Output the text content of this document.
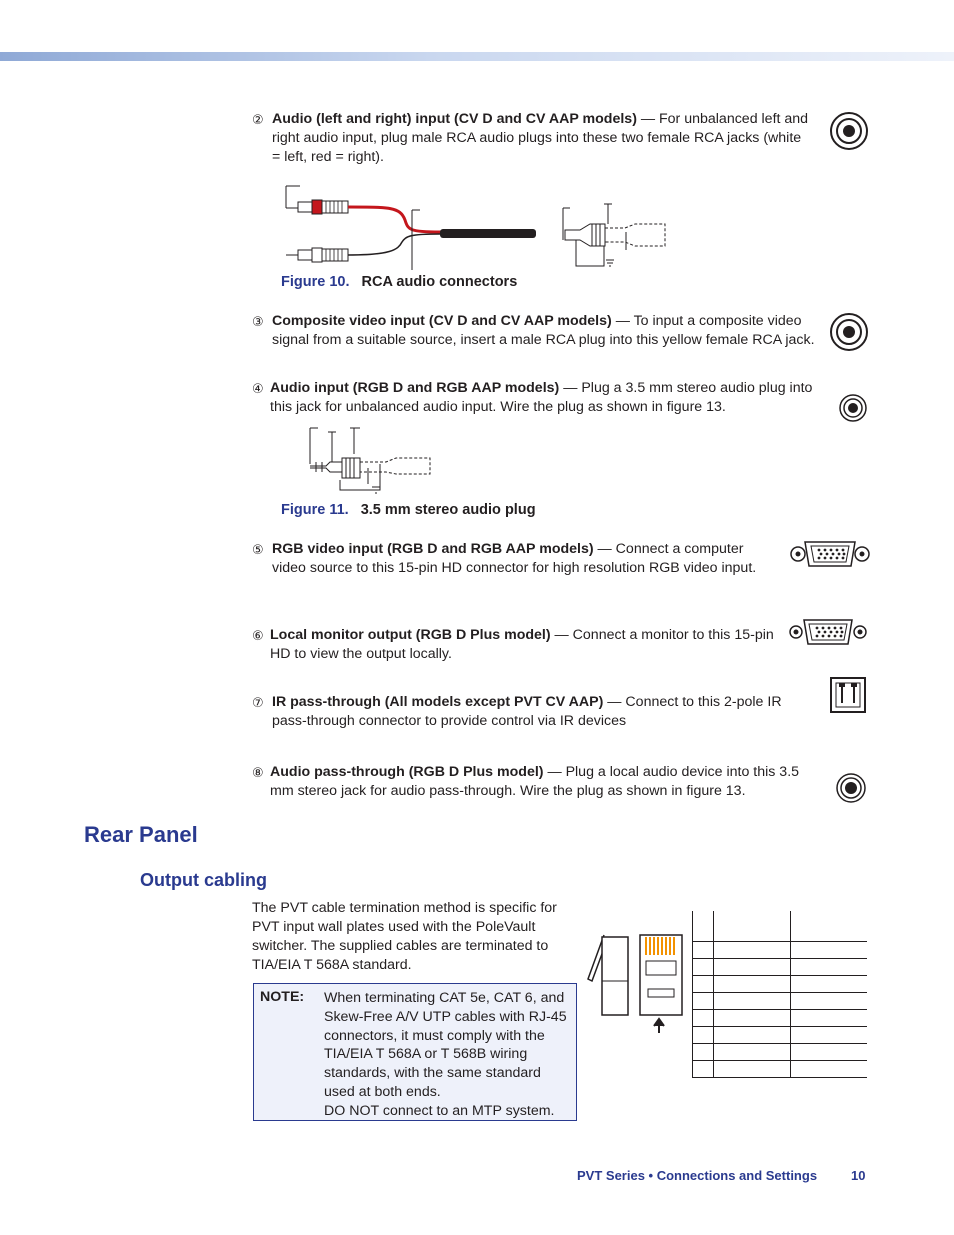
② Audio (left and right) input (CV D and CV AAP models) — For unbalanced left and right audio input, plug male RCA audio plugs into these two female RCA jacks (white = left, red = right).
Figure 10. RCA audio connectors
③ Composite video input (CV D and CV AAP models) — To input a composite video signal from a suitable source, insert a male RCA plug into this yellow female RCA jack.
④ Audio input (RGB D and RGB AAP models) — Plug a 3.5 mm stereo audio plug into this jack for unbalanced audio input. Wire the plug as shown in figure 13.
Figure 11. 3.5 mm stereo audio plug
⑤ RGB video input (RGB D and RGB AAP models) — Connect a computer video source to this 15-pin HD connector for high resolution RGB video input.
⑥ Local monitor output (RGB D Plus model) — Connect a monitor to this 15-pin HD to view the output locally.
⑦ IR pass-through (All models except PVT CV AAP) — Connect to this 2-pole IR pass-through connector to provide control via IR devices
⑧ Audio pass-through (RGB D Plus model) — Plug a local audio device into this 3.5 mm stereo jack for audio pass-through. Wire the plug as shown in figure 13.
Rear Panel
Output cabling
The PVT cable termination method is specific for PVT input wall plates used with the PoleVault switcher. The supplied cables are terminated to TIA/EIA T 568A standard.
NOTE: When terminating CAT 5e, CAT 6, and Skew-Free A/V UTP cables with RJ-45 connectors, it must comply with the TIA/EIA T 568A or T 568B wiring standards, with the same standard used at both ends.
DO NOT connect to an MTP system.

PVT Series • Connections and Settings	10
